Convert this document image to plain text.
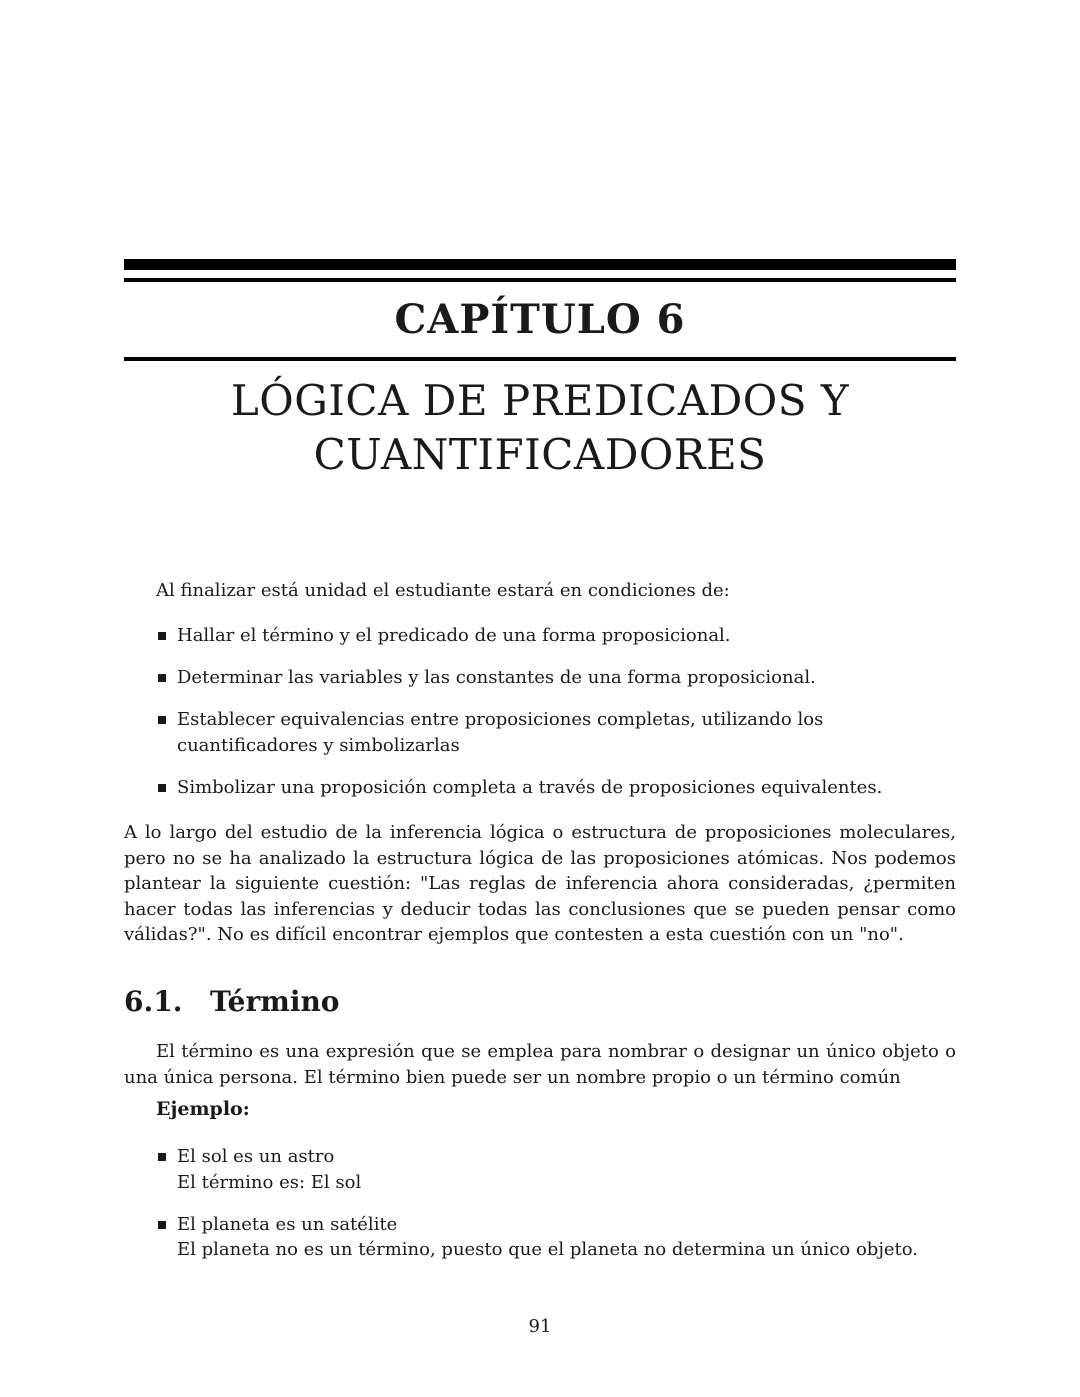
CAPÍTULO 6
LÓGICA DE PREDICADOS Y
CUANTIFICADORES
Al finalizar está unidad el estudiante estará en condiciones de:
Hallar el término y el predicado de una forma proposicional.
Determinar las variables y las constantes de una forma proposicional.
Establecer equivalencias entre proposiciones completas, utilizando los cuantificadores y simbolizarlas
Simbolizar una proposición completa a través de proposiciones equivalentes.
A lo largo del estudio de la inferencia lógica o estructura de proposiciones moleculares, pero no se ha analizado la estructura lógica de las proposiciones atómicas. Nos podemos plantear la siguiente cuestión: "Las reglas de inferencia ahora consideradas, ¿permiten hacer todas las inferencias y deducir todas las conclusiones que se pueden pensar como válidas?". No es difícil encontrar ejemplos que contesten a esta cuestión con un "no".
6.1. Término
El término es una expresión que se emplea para nombrar o designar un único objeto o una única persona. El término bien puede ser un nombre propio o un término común
Ejemplo:
El sol es un astro
El término es: El sol
El planeta es un satélite
El planeta no es un término, puesto que el planeta no determina un único objeto.
91
